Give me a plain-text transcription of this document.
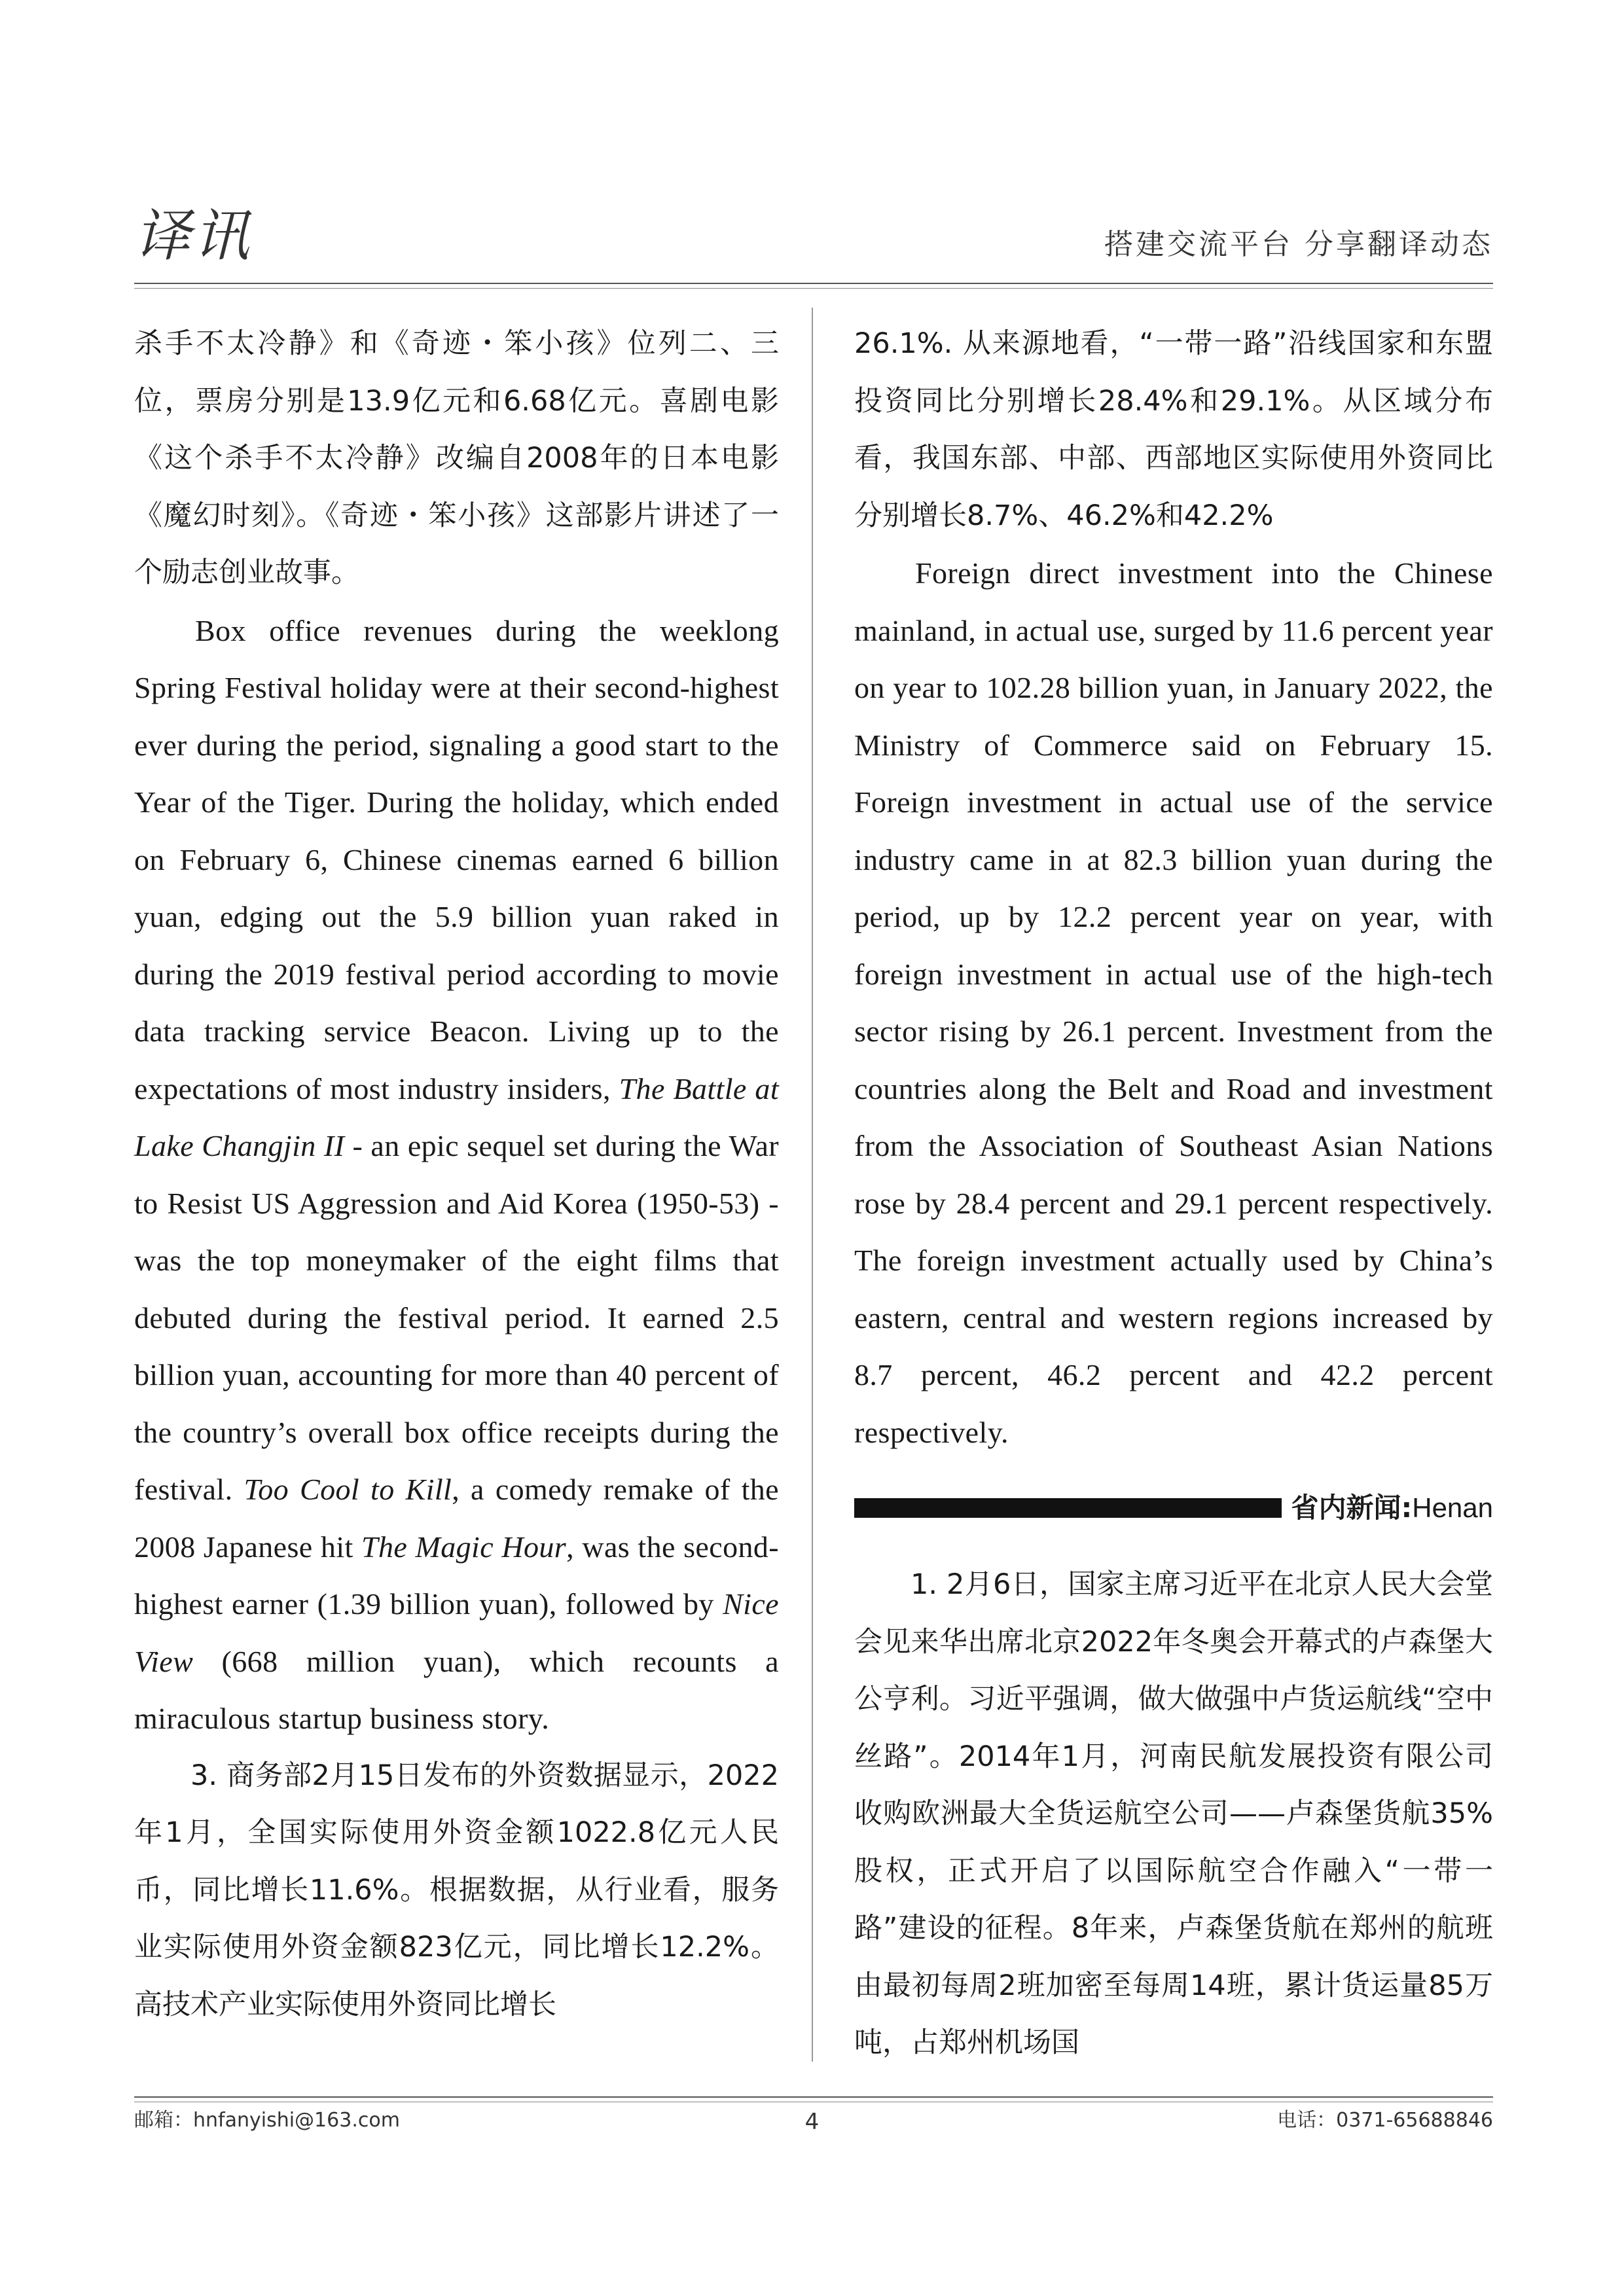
译讯	搭建交流平台 分享翻译动态

杀手不太冷静》和《奇迹・笨小孩》位列二、三位，票房分别是13.9亿元和6.68亿元。喜剧电影《这个杀手不太冷静》改编自2008年的日本电影《魔幻时刻》。《奇迹・笨小孩》这部影片讲述了一个励志创业故事。

Box office revenues during the weeklong Spring Festival holiday were at their second-highest ever during the period, signaling a good start to the Year of the Tiger. During the holiday, which ended on February 6, Chinese cinemas earned 6 billion yuan, edging out the 5.9 billion yuan raked in during the 2019 festival period according to movie data tracking service Beacon. Living up to the expectations of most industry insiders, The Battle at Lake Changjin II - an epic sequel set during the War to Resist US Aggression and Aid Korea (1950-53) - was the top moneymaker of the eight films that debuted during the festival period. It earned 2.5 billion yuan, accounting for more than 40 percent of the country’s overall box office receipts during the festival. Too Cool to Kill, a comedy remake of the 2008 Japanese hit The Magic Hour, was the second-highest earner (1.39 billion yuan), followed by Nice View (668 million yuan), which recounts a miraculous startup business story.

3. 商务部2月15日发布的外资数据显示，2022年1月，全国实际使用外资金额1022.8亿元人民币，同比增长11.6%。根据数据，从行业看，服务业实际使用外资金额823亿元，同比增长12.2%。高技术产业实际使用外资同比增长

26.1%. 从来源地看，“一带一路”沿线国家和东盟投资同比分别增长28.4%和29.1%。从区域分布看，我国东部、中部、西部地区实际使用外资同比分别增长8.7%、46.2%和42.2%

Foreign direct investment into the Chinese mainland, in actual use, surged by 11.6 percent year on year to 102.28 billion yuan, in January 2022, the Ministry of Commerce said on February 15. Foreign investment in actual use of the service industry came in at 82.3 billion yuan during the period, up by 12.2 percent year on year, with foreign investment in actual use of the high-tech sector rising by 26.1 percent. Investment from the countries along the Belt and Road and investment from the Association of Southeast Asian Nations rose by 28.4 percent and 29.1 percent respectively. The foreign investment actually used by China’s eastern, central and western regions increased by 8.7 percent, 46.2 percent and 42.2 percent respectively.

省内新闻:Henan

1. 2月6日，国家主席习近平在北京人民大会堂会见来华出席北京2022年冬奥会开幕式的卢森堡大公亨利。习近平强调，做大做强中卢货运航线“空中丝路”。2014年1月，河南民航发展投资有限公司收购欧洲最大全货运航空公司——卢森堡货航35%股权，正式开启了以国际航空合作融入“一带一路”建设的征程。8年来，卢森堡货航在郑州的航班由最初每周2班加密至每周14班，累计货运量85万吨，占郑州机场国

4
邮箱：hnfanyishi@163.com	电话：0371-65688846
